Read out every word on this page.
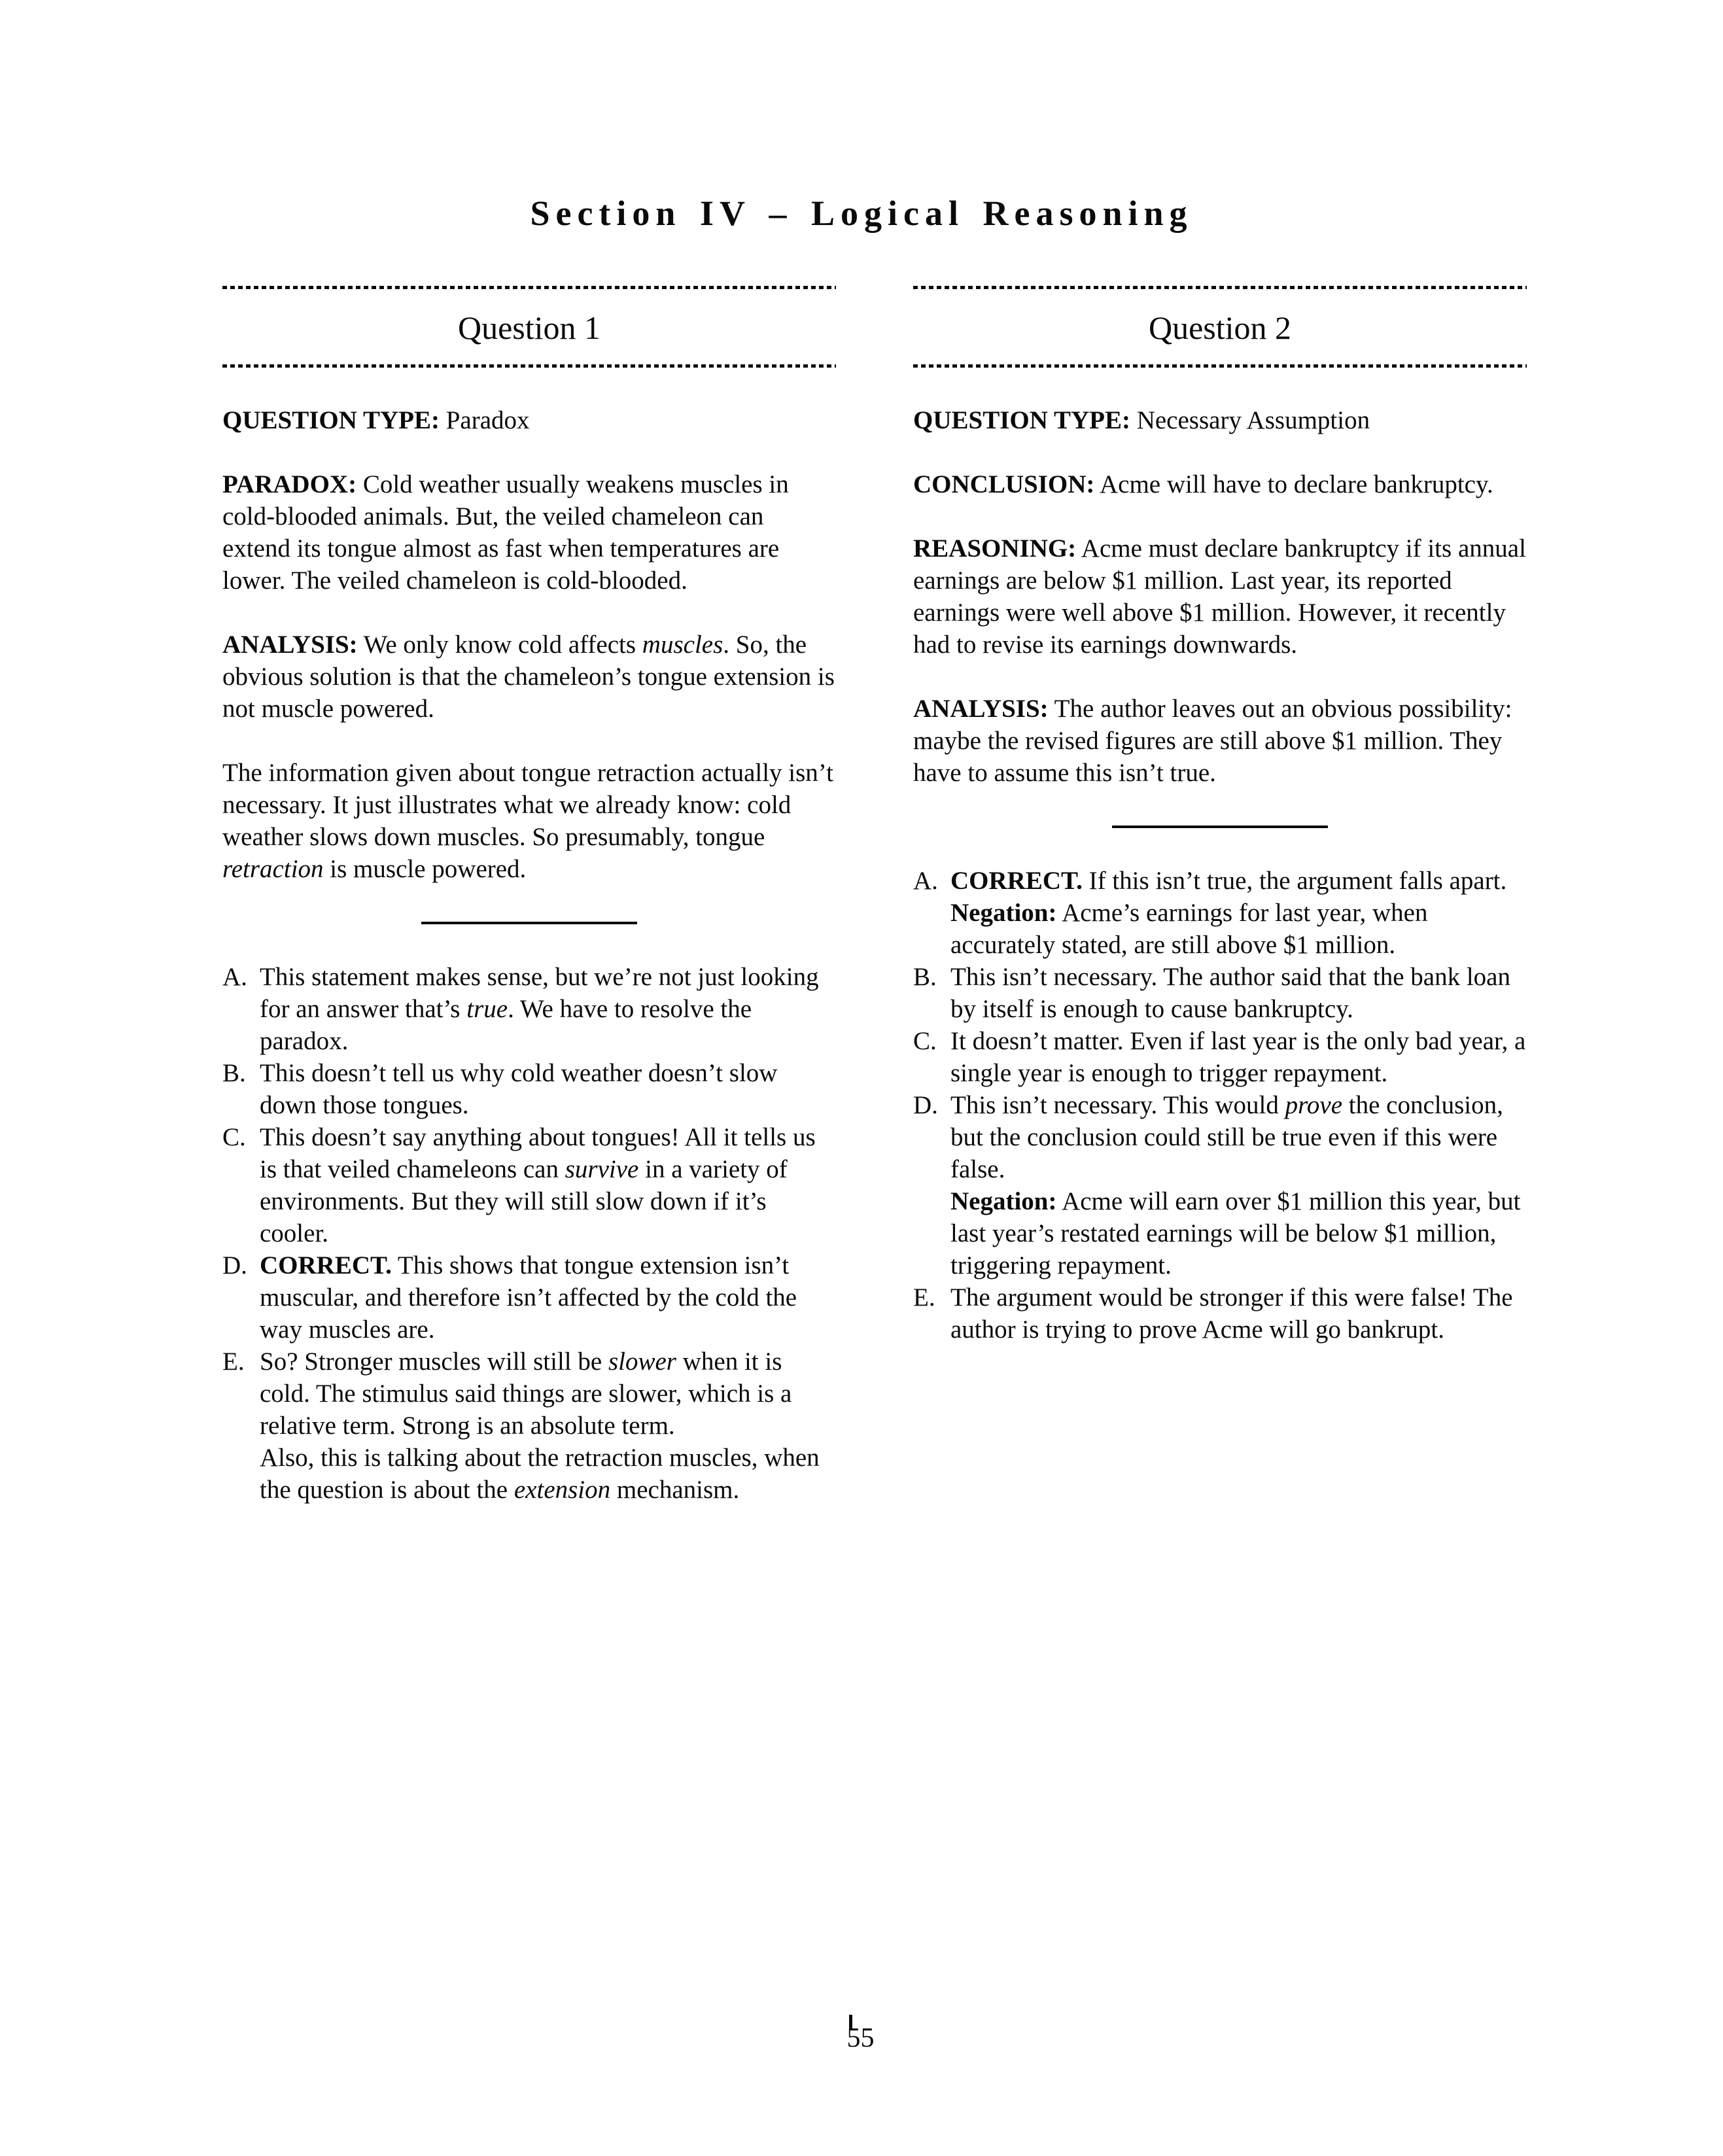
Section IV – Logical Reasoning
Question 1

QUESTION TYPE: Paradox

PARADOX: Cold weather usually weakens muscles in cold-blooded animals. But, the veiled chameleon can extend its tongue almost as fast when temperatures are lower. The veiled chameleon is cold-blooded.

ANALYSIS: We only know cold affects muscles. So, the obvious solution is that the chameleon’s tongue extension is not muscle powered.

The information given about tongue retraction actually isn’t necessary. It just illustrates what we already know: cold weather slows down muscles. So presumably, tongue retraction is muscle powered.

A. This statement makes sense, but we’re not just looking for an answer that’s true. We have to resolve the paradox.
B. This doesn’t tell us why cold weather doesn’t slow down those tongues.
C. This doesn’t say anything about tongues! All it tells us is that veiled chameleons can survive in a variety of environments. But they will still slow down if it’s cooler.
D. CORRECT. This shows that tongue extension isn’t muscular, and therefore isn’t affected by the cold the way muscles are.
E. So? Stronger muscles will still be slower when it is cold. The stimulus said things are slower, which is a relative term. Strong is an absolute term.
Also, this is talking about the retraction muscles, when the question is about the extension mechanism.
Question 2

QUESTION TYPE: Necessary Assumption

CONCLUSION: Acme will have to declare bankruptcy.

REASONING: Acme must declare bankruptcy if its annual earnings are below $1 million. Last year, its reported earnings were well above $1 million. However, it recently had to revise its earnings downwards.

ANALYSIS: The author leaves out an obvious possibility: maybe the revised figures are still above $1 million. They have to assume this isn’t true.

A. CORRECT. If this isn’t true, the argument falls apart.
Negation: Acme’s earnings for last year, when accurately stated, are still above $1 million.
B. This isn’t necessary. The author said that the bank loan by itself is enough to cause bankruptcy.
C. It doesn’t matter. Even if last year is the only bad year, a single year is enough to trigger repayment.
D. This isn’t necessary. This would prove the conclusion, but the conclusion could still be true even if this were false.
Negation: Acme will earn over $1 million this year, but last year’s restated earnings will be below $1 million, triggering repayment.
E. The argument would be stronger if this were false! The author is trying to prove Acme will go bankrupt.
55
